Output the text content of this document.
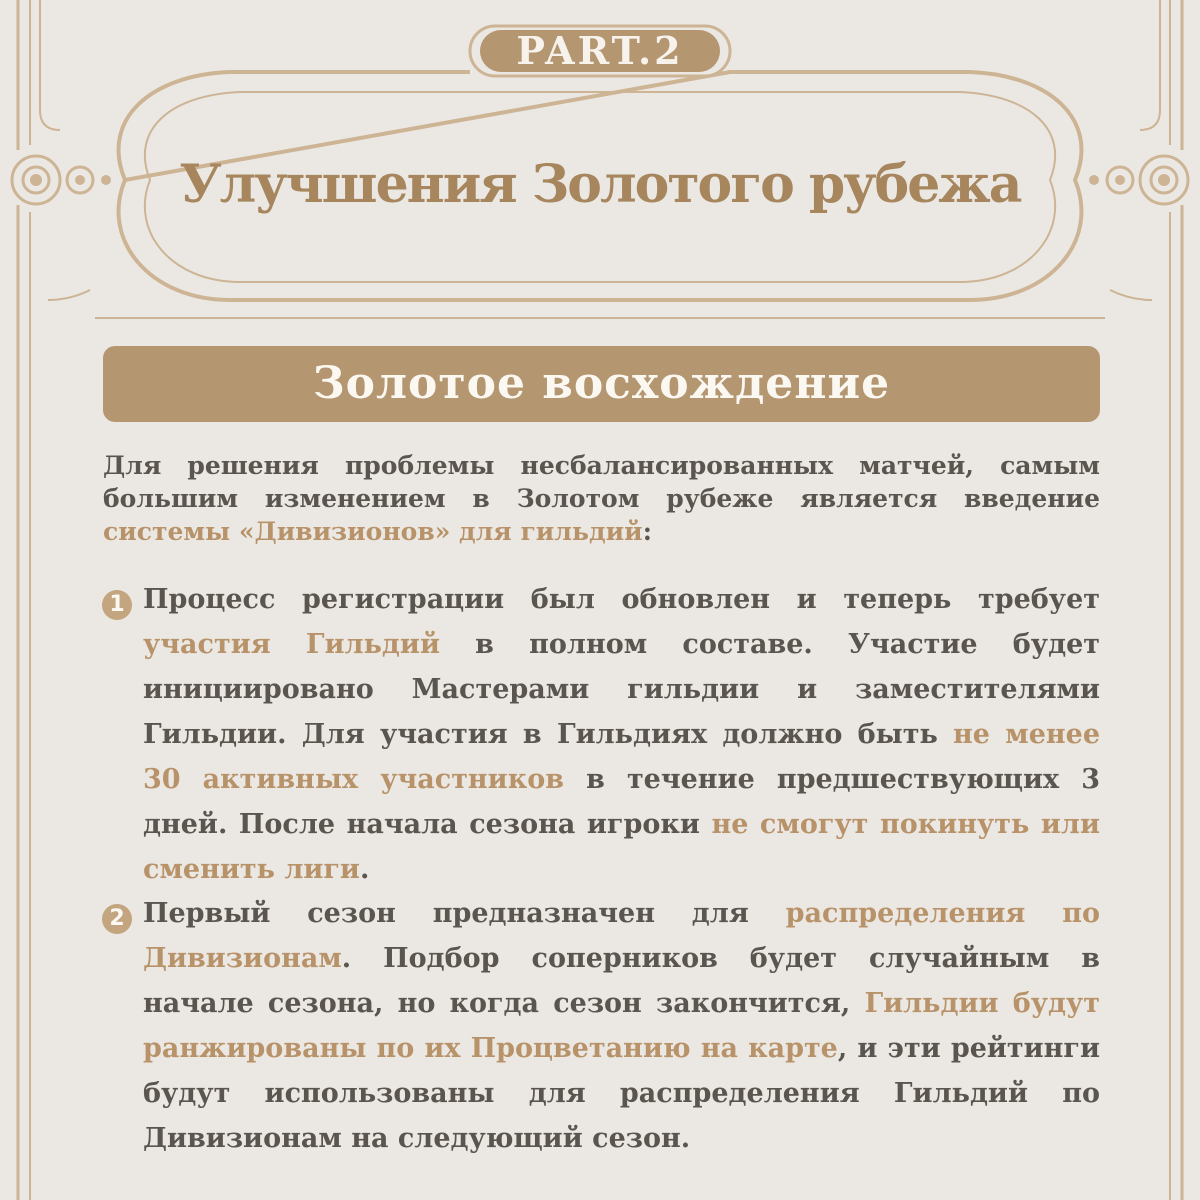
PART.2
Улучшения Золотого рубежа
Золотое восхождение
Для решения проблемы несбалансированных матчей, самым большим изменением в Золотом рубеже является введение системы «Дивизионов» для гильдий:
1 Процесс регистрации был обновлен и теперь требует участия Гильдий в полном составе. Участие будет инициировано Мастерами гильдии и заместителями Гильдии. Для участия в Гильдиях должно быть не менее 30 активных участников в течение предшествующих 3 дней. После начала сезона игроки не смогут покинуть или сменить лиги.
2 Первый сезон предназначен для распределения по Дивизионам. Подбор соперников будет случайным в начале сезона, но когда сезон закончится, Гильдии будут ранжированы по их Процветанию на карте, и эти рейтинги будут использованы для распределения Гильдий по Дивизионам на следующий сезон.
